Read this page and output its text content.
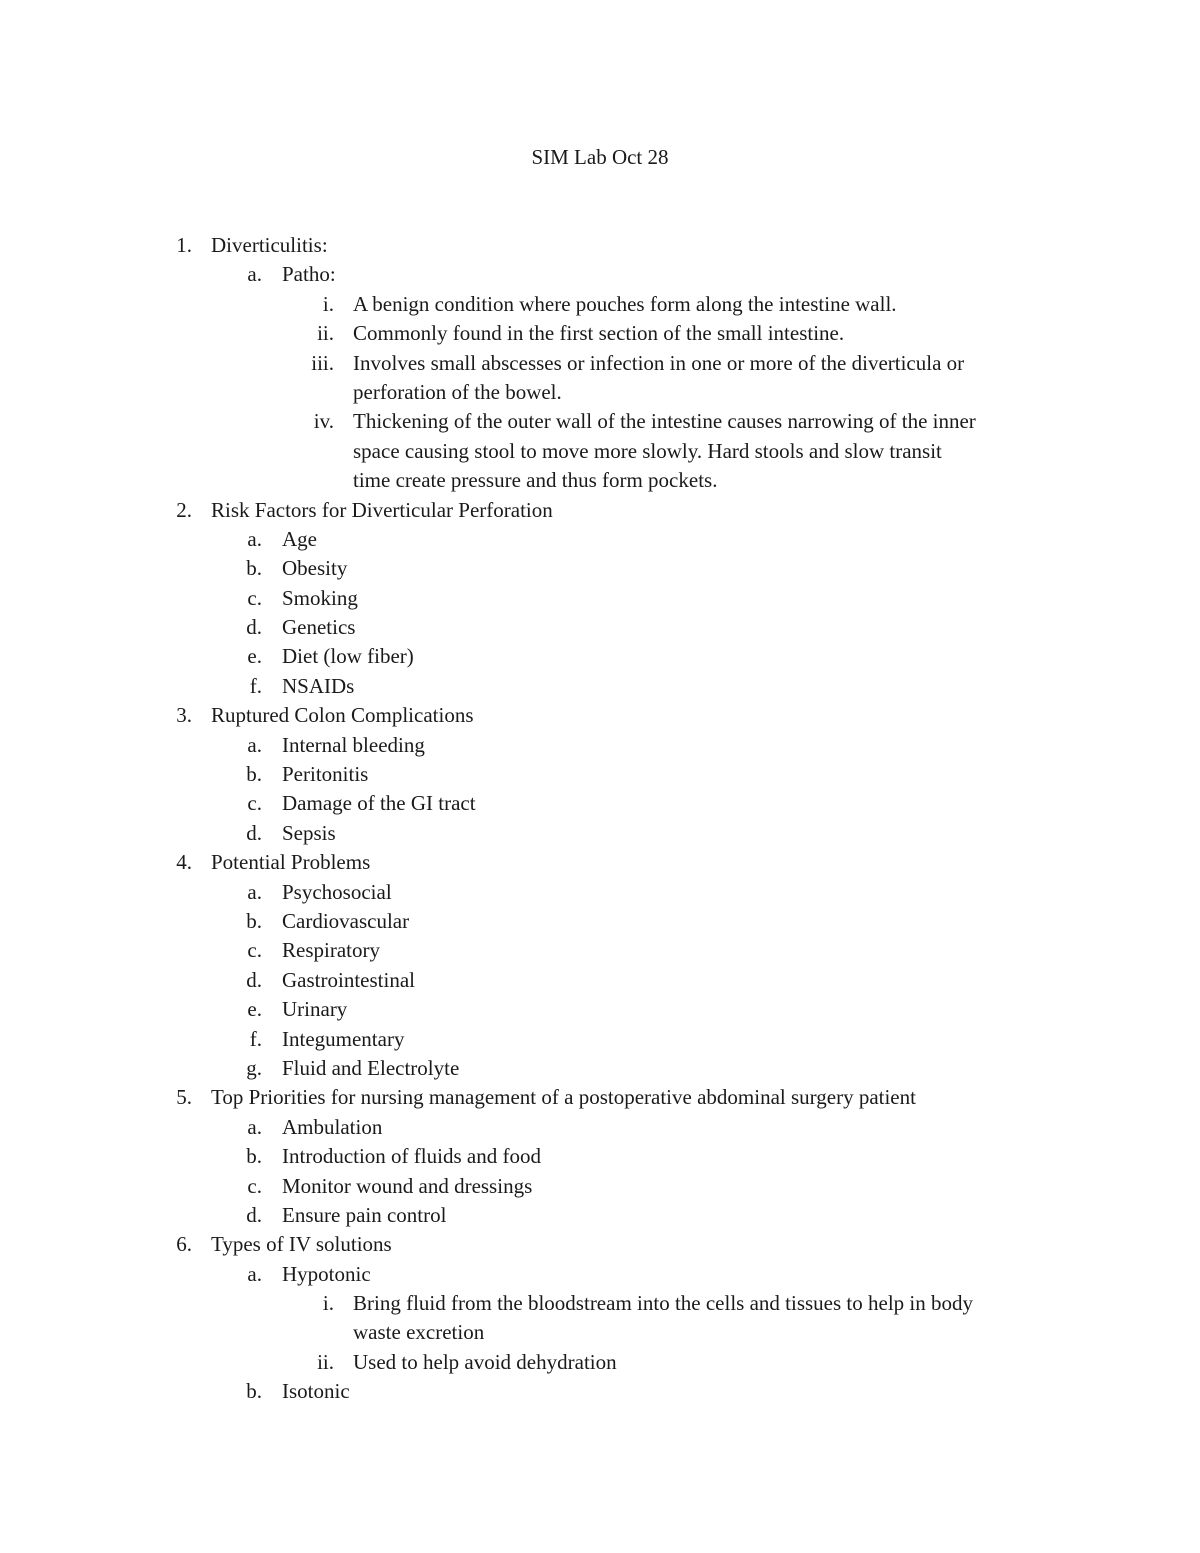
SIM Lab Oct 28
1. Diverticulitis:
a. Patho:
i. A benign condition where pouches form along the intestine wall.
ii. Commonly found in the first section of the small intestine.
iii. Involves small abscesses or infection in one or more of the diverticula or
perforation of the bowel.
iv. Thickening of the outer wall of the intestine causes narrowing of the inner
space causing stool to move more slowly. Hard stools and slow transit
time create pressure and thus form pockets.
2. Risk Factors for Diverticular Perforation
a. Age
b. Obesity
c. Smoking
d. Genetics
e. Diet (low fiber)
f. NSAIDs
3. Ruptured Colon Complications
a. Internal bleeding
b. Peritonitis
c. Damage of the GI tract
d. Sepsis
4. Potential Problems
a. Psychosocial
b. Cardiovascular
c. Respiratory
d. Gastrointestinal
e. Urinary
f. Integumentary
g. Fluid and Electrolyte
5. Top Priorities for nursing management of a postoperative abdominal surgery patient
a. Ambulation
b. Introduction of fluids and food
c. Monitor wound and dressings
d. Ensure pain control
6. Types of IV solutions
a. Hypotonic
i. Bring fluid from the bloodstream into the cells and tissues to help in body
waste excretion
ii. Used to help avoid dehydration
b. Isotonic
